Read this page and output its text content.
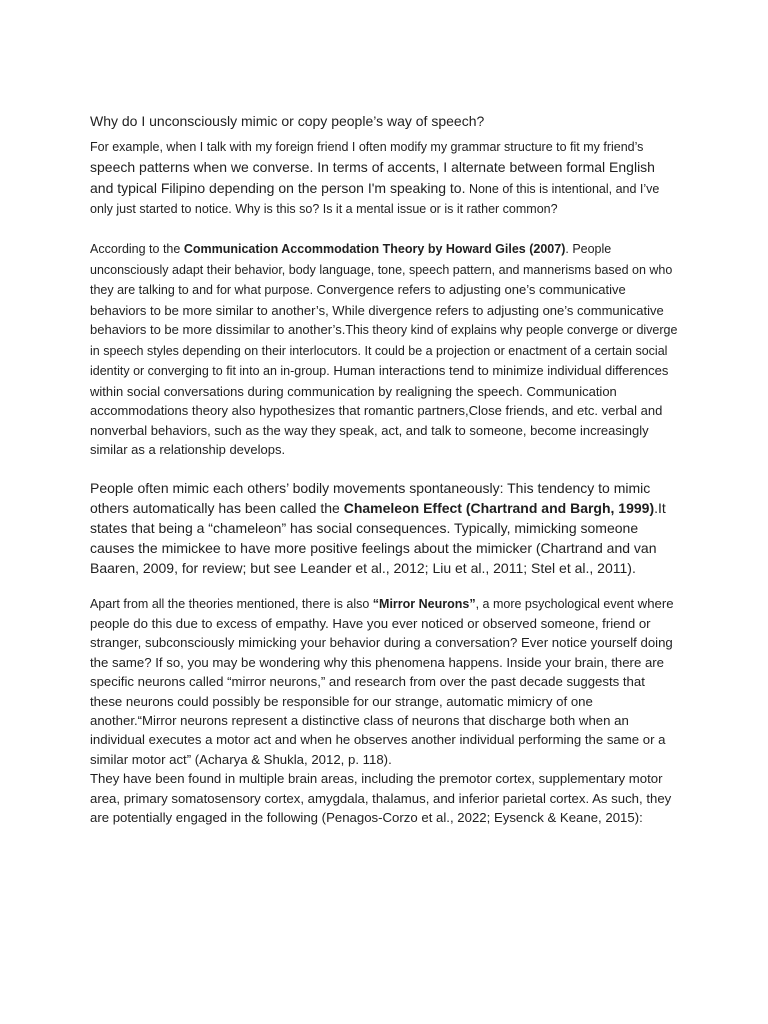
Why do I unconsciously mimic or copy people’s way of speech?

For example, when I talk with my foreign friend I often modify my grammar structure to fit my friend’s speech patterns when we converse. In terms of accents, I alternate between formal English and typical Filipino depending on the person I'm speaking to. None of this is intentional, and I’ve only just started to notice. Why is this so? Is it a mental issue or is it rather common?

According to the Communication Accommodation Theory by Howard Giles (2007). People unconsciously adapt their behavior, body language, tone, speech pattern, and mannerisms based on who they are talking to and for what purpose. Convergence refers to adjusting one’s communicative behaviors to be more similar to another’s, While divergence refers to adjusting one’s communicative behaviors to be more dissimilar to another’s.This theory kind of explains why people converge or diverge in speech styles depending on their interlocutors. It could be a projection or enactment of a certain social identity or converging to fit into an in-group. Human interactions tend to minimize individual differences within social conversations during communication by realigning the speech. Communication accommodations theory also hypothesizes that romantic partners,Close friends, and etc. verbal and nonverbal behaviors, such as the way they speak, act, and talk to someone, become increasingly similar as a relationship develops.

People often mimic each others’ bodily movements spontaneously: This tendency to mimic others automatically has been called the Chameleon Effect (Chartrand and Bargh, 1999).It states that being a “chameleon” has social consequences. Typically, mimicking someone causes the mimickee to have more positive feelings about the mimicker (Chartrand and van Baaren, 2009, for review; but see Leander et al., 2012; Liu et al., 2011; Stel et al., 2011).

Apart from all the theories mentioned, there is also “Mirror Neurons”, a more psychological event where people do this due to excess of empathy. Have you ever noticed or observed someone, friend or stranger, subconsciously mimicking your behavior during a conversation? Ever notice yourself doing the same? If so, you may be wondering why this phenomena happens. Inside your brain, there are specific neurons called “mirror neurons,” and research from over the past decade suggests that these neurons could possibly be responsible for our strange, automatic mimicry of one another.“Mirror neurons represent a distinctive class of neurons that discharge both when an individual executes a motor act and when he observes another individual performing the same or a similar motor act” (Acharya & Shukla, 2012, p. 118).
They have been found in multiple brain areas, including the premotor cortex, supplementary motor area, primary somatosensory cortex, amygdala, thalamus, and inferior parietal cortex. As such, they are potentially engaged in the following (Penagos-Corzo et al., 2022; Eysenck & Keane, 2015):
